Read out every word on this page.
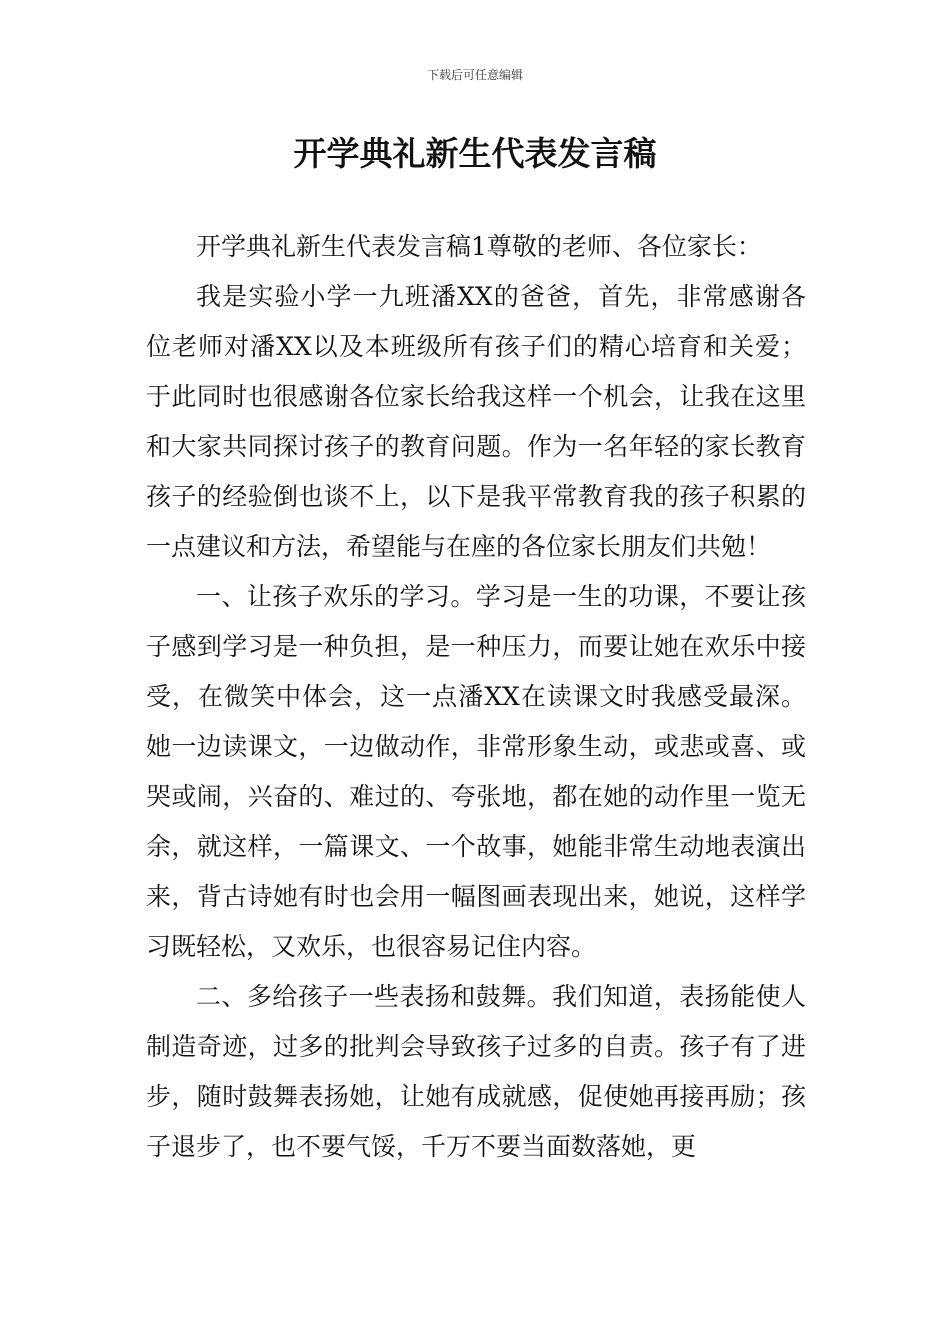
下载后可任意编辑
开学典礼新生代表发言稿

开学典礼新生代表发言稿1尊敬的老师、各位家长：

我是实验小学一九班潘XX的爸爸，首先，非常感谢各位老师对潘XX以及本班级所有孩子们的精心培育和关爱；于此同时也很感谢各位家长给我这样一个机会，让我在这里和大家共同探讨孩子的教育问题。作为一名年轻的家长教育孩子的经验倒也谈不上，以下是我平常教育我的孩子积累的一点建议和方法，希望能与在座的各位家长朋友们共勉！

一、让孩子欢乐的学习。学习是一生的功课，不要让孩子感到学习是一种负担，是一种压力，而要让她在欢乐中接受，在微笑中体会，这一点潘XX在读课文时我感受最深。她一边读课文，一边做动作，非常形象生动，或悲或喜、或哭或闹，兴奋的、难过的、夸张地，都在她的动作里一览无余，就这样，一篇课文、一个故事，她能非常生动地表演出来，背古诗她有时也会用一幅图画表现出来，她说，这样学习既轻松，又欢乐，也很容易记住内容。

二、多给孩子一些表扬和鼓舞。我们知道，表扬能使人制造奇迹，过多的批判会导致孩子过多的自责。孩子有了进步，随时鼓舞表扬她，让她有成就感，促使她再接再励；孩子退步了，也不要气馁，千万不要当面数落她，更
